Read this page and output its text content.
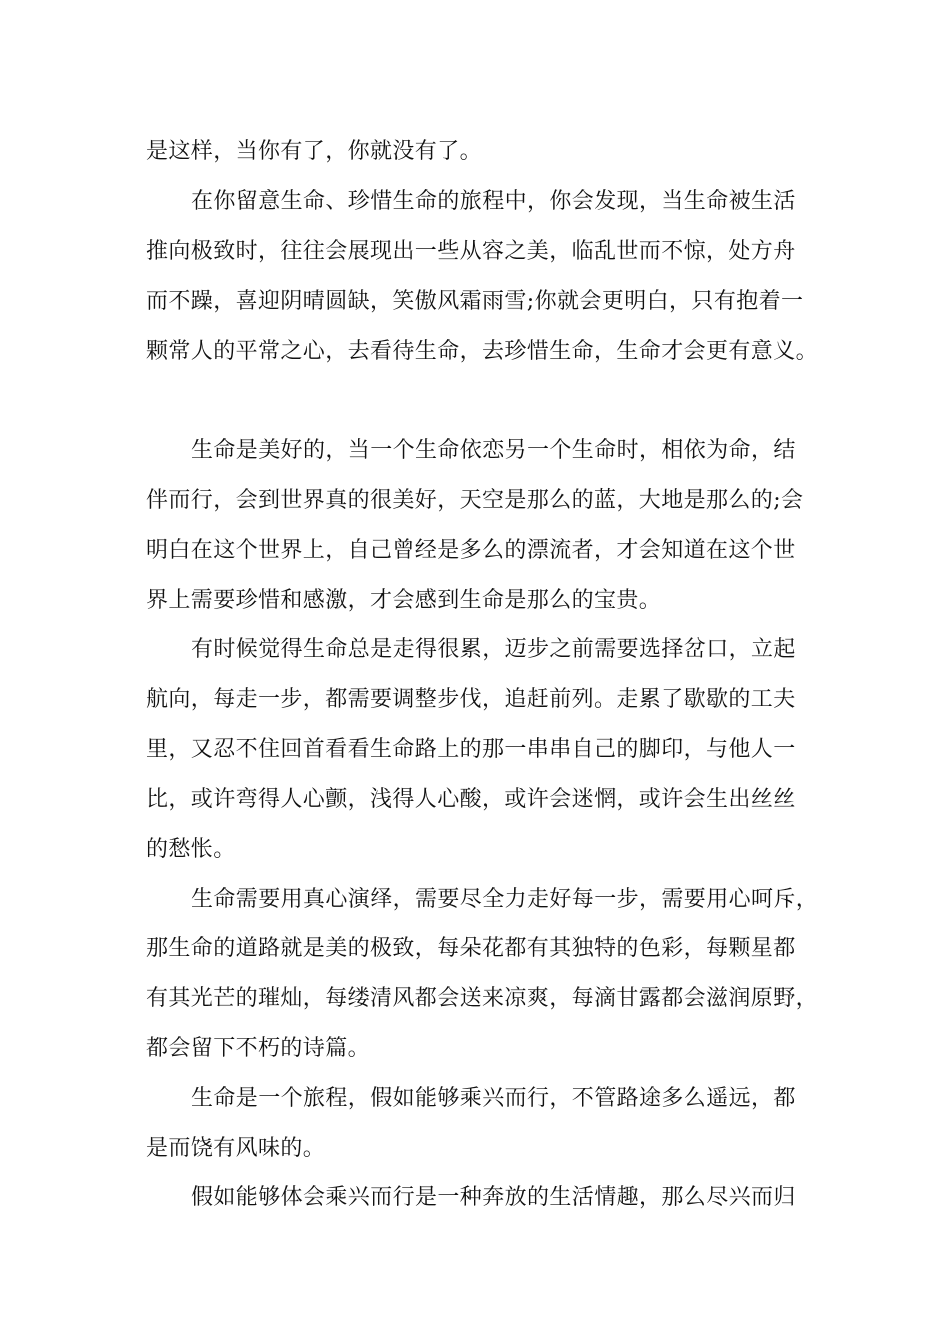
是这样，当你有了，你就没有了。
在你留意生命、珍惜生命的旅程中，你会发现，当生命被生活
推向极致时，往往会展现出一些从容之美，临乱世而不惊，处方舟
而不躁，喜迎阴晴圆缺，笑傲风霜雨雪;你就会更明白，只有抱着一
颗常人的平常之心，去看待生命，去珍惜生命，生命才会更有意义。
生命是美好的，当一个生命依恋另一个生命时，相依为命，结
伴而行，会到世界真的很美好，天空是那么的蓝，大地是那么的;会
明白在这个世界上，自己曾经是多么的漂流者，才会知道在这个世
界上需要珍惜和感激，才会感到生命是那么的宝贵。
有时候觉得生命总是走得很累，迈步之前需要选择岔口，立起
航向，每走一步，都需要调整步伐，追赶前列。走累了歇歇的工夫
里，又忍不住回首看看生命路上的那一串串自己的脚印，与他人一
比，或许弯得人心颤，浅得人心酸，或许会迷惘，或许会生出丝丝
的愁怅。
生命需要用真心演绎，需要尽全力走好每一步，需要用心呵斥，
那生命的道路就是美的极致，每朵花都有其独特的色彩，每颗星都
有其光芒的璀灿，每缕清风都会送来凉爽，每滴甘露都会滋润原野，
都会留下不朽的诗篇。
生命是一个旅程，假如能够乘兴而行，不管路途多么遥远，都
是而饶有风味的。
假如能够体会乘兴而行是一种奔放的生活情趣，那么尽兴而归
